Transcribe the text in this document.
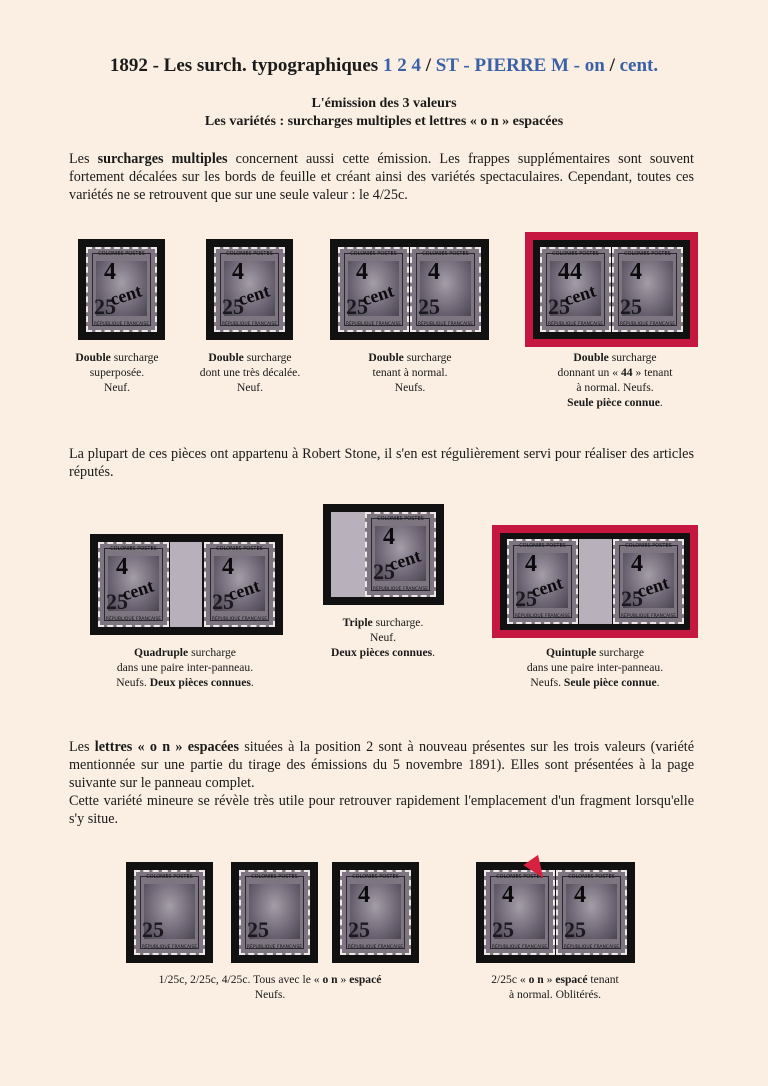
1892 - Les surch. typographiques 1 2 4 / ST - PIERRE M - on / cent.
L'émission des 3 valeurs
Les variétés : surcharges multiples et lettres « o n » espacées
Les surcharges multiples concernent aussi cette émission. Les frappes supplémentaires sont souvent fortement décalées sur les bords de feuille et créant ainsi des variétés spectaculaires. Cependant, toutes ces variétés ne se retrouvent que sur une seule valeur : le 4/25c.
COLONIES POSTES
25
4
cent
RÉPUBLIQUE FRANÇAISE
COLONIES POSTES
25
4
cent
RÉPUBLIQUE FRANÇAISE
COLONIES POSTES
25
4
cent
RÉPUBLIQUE FRANÇAISE
COLONIES POSTES
25
4
RÉPUBLIQUE FRANÇAISE
COLONIES POSTES
25
44
cent
RÉPUBLIQUE FRANÇAISE
COLONIES POSTES
25
4
RÉPUBLIQUE FRANÇAISE
Double surcharge
superposée.
Neuf.
Double surcharge
dont une très décalée.
Neuf.
Double surcharge
tenant à normal.
Neufs.
Double surcharge
donnant un « 44 » tenant
à normal. Neufs.
Seule pièce connue.
La plupart de ces pièces ont appartenu à Robert Stone, il s'en est régulièrement servi pour réaliser des articles réputés.
COLONIES POSTES
25
4
cent
RÉPUBLIQUE FRANÇAISE
COLONIES POSTES
25
4
cent
RÉPUBLIQUE FRANÇAISE
COLONIES POSTES
25
4
cent
RÉPUBLIQUE FRANÇAISE
COLONIES POSTES
25
4
cent
RÉPUBLIQUE FRANÇAISE
COLONIES POSTES
25
4
cent
RÉPUBLIQUE FRANÇAISE
Quadruple surcharge
dans une paire inter-panneau.
Neufs. Deux pièces connues.
Triple surcharge.
Neuf.
Deux pièces connues.	Quintuple surcharge
dans une paire inter-panneau.
Neufs. Seule pièce connue.
Les lettres « o n » espacées situées à la position 2 sont à nouveau présentes sur les trois valeurs (variété mentionnée sur une partie du tirage des émissions du 5 novembre 1891). Elles sont présentées à la page suivante sur le panneau complet.
Cette variété mineure se révèle très utile pour retrouver rapidement l'emplacement d'un fragment lorsqu'elle s'y situe.
COLONIES POSTES
25
RÉPUBLIQUE FRANÇAISE
COLONIES POSTES
25
RÉPUBLIQUE FRANÇAISE
COLONIES POSTES
25
4
RÉPUBLIQUE FRANÇAISE
COLONIES POSTES
25
4
RÉPUBLIQUE FRANÇAISE
COLONIES POSTES
25
4
RÉPUBLIQUE FRANÇAISE
1/25c, 2/25c, 4/25c. Tous avec le « o n » espacé
Neufs.
2/25c « o n » espacé tenant
à normal. Oblitérés.
